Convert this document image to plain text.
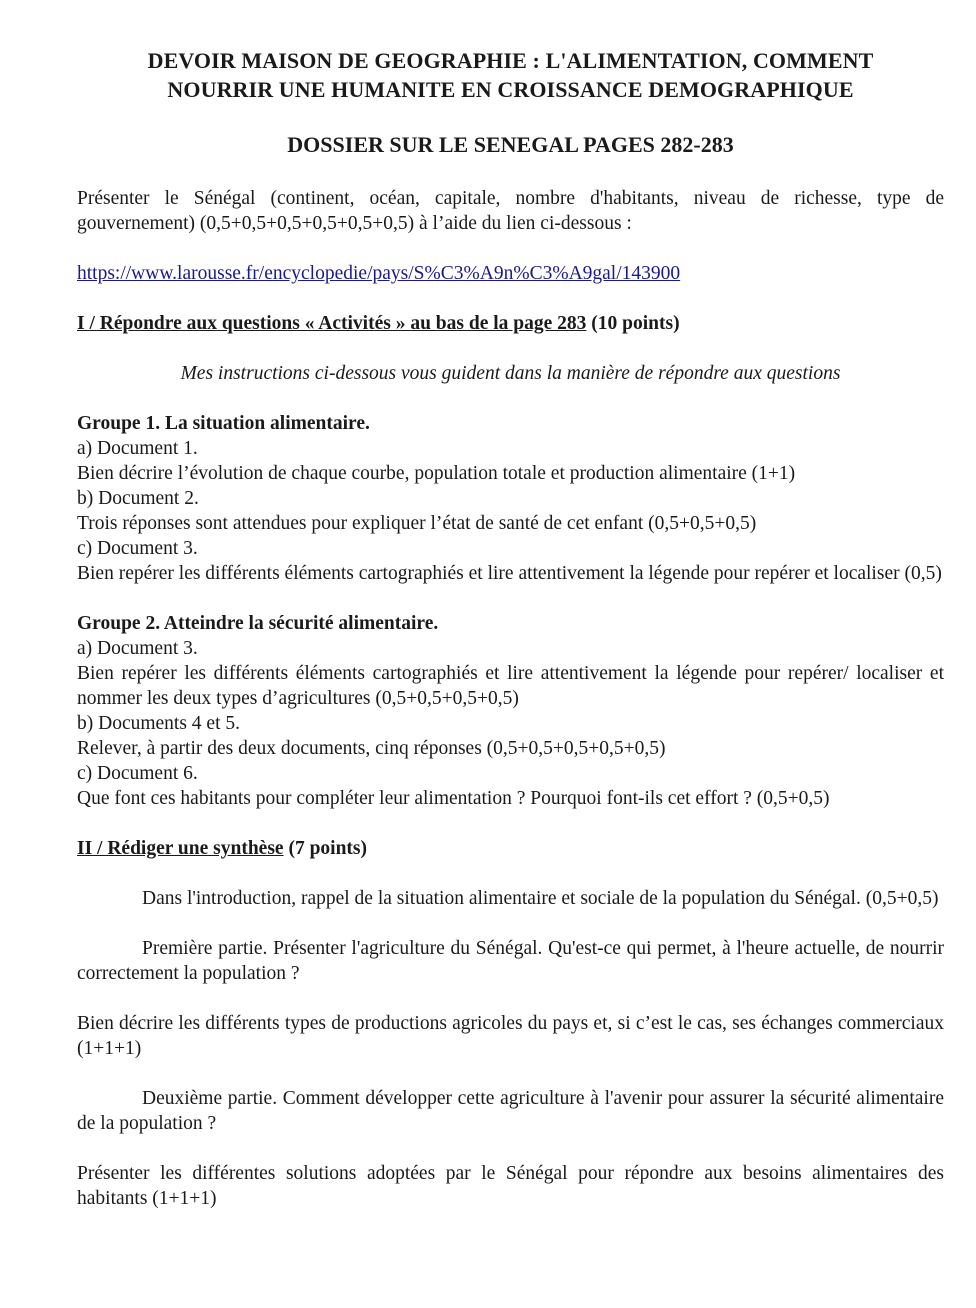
DEVOIR MAISON DE GEOGRAPHIE : L'ALIMENTATION, COMMENT
NOURRIR UNE HUMANITE EN CROISSANCE DEMOGRAPHIQUE
DOSSIER SUR LE SENEGAL PAGES 282-283

Présenter le Sénégal (continent, océan, capitale, nombre d'habitants, niveau de richesse, type de gouvernement) (0,5+0,5+0,5+0,5+0,5+0,5) à l’aide du lien ci-dessous :

https://www.larousse.fr/encyclopedie/pays/S%C3%A9n%C3%A9gal/143900

I / Répondre aux questions « Activités » au bas de la page 283 (10 points)

Mes instructions ci-dessous vous guident dans la manière de répondre aux questions

Groupe 1. La situation alimentaire.

a) Document 1.

Bien décrire l’évolution de chaque courbe, population totale et production alimentaire (1+1)

b) Document 2.

Trois réponses sont attendues pour expliquer l’état de santé de cet enfant (0,5+0,5+0,5)

c) Document 3.

Bien repérer les différents éléments cartographiés et lire attentivement la légende pour repérer et localiser (0,5)

Groupe 2. Atteindre la sécurité alimentaire.

a) Document 3.

Bien repérer les différents éléments cartographiés et lire attentivement la légende pour repérer/ localiser et nommer les deux types d’agricultures (0,5+0,5+0,5+0,5)

b) Documents 4 et 5.

Relever, à partir des deux documents, cinq réponses (0,5+0,5+0,5+0,5+0,5)

c) Document 6.

Que font ces habitants pour compléter leur alimentation ? Pourquoi font-ils cet effort ? (0,5+0,5)

II / Rédiger une synthèse (7 points)

Dans l'introduction, rappel de la situation alimentaire et sociale de la population du Sénégal. (0,5+0,5)

Première partie. Présenter l'agriculture du Sénégal. Qu'est-ce qui permet, à l'heure actuelle, de nourrir correctement la population ?

Bien décrire les différents types de productions agricoles du pays et, si c’est le cas, ses échanges commerciaux (1+1+1)

Deuxième partie. Comment développer cette agriculture à l'avenir pour assurer la sécurité alimentaire de la population ?

Présenter les différentes solutions adoptées par le Sénégal pour répondre aux besoins alimentaires des habitants (1+1+1)
